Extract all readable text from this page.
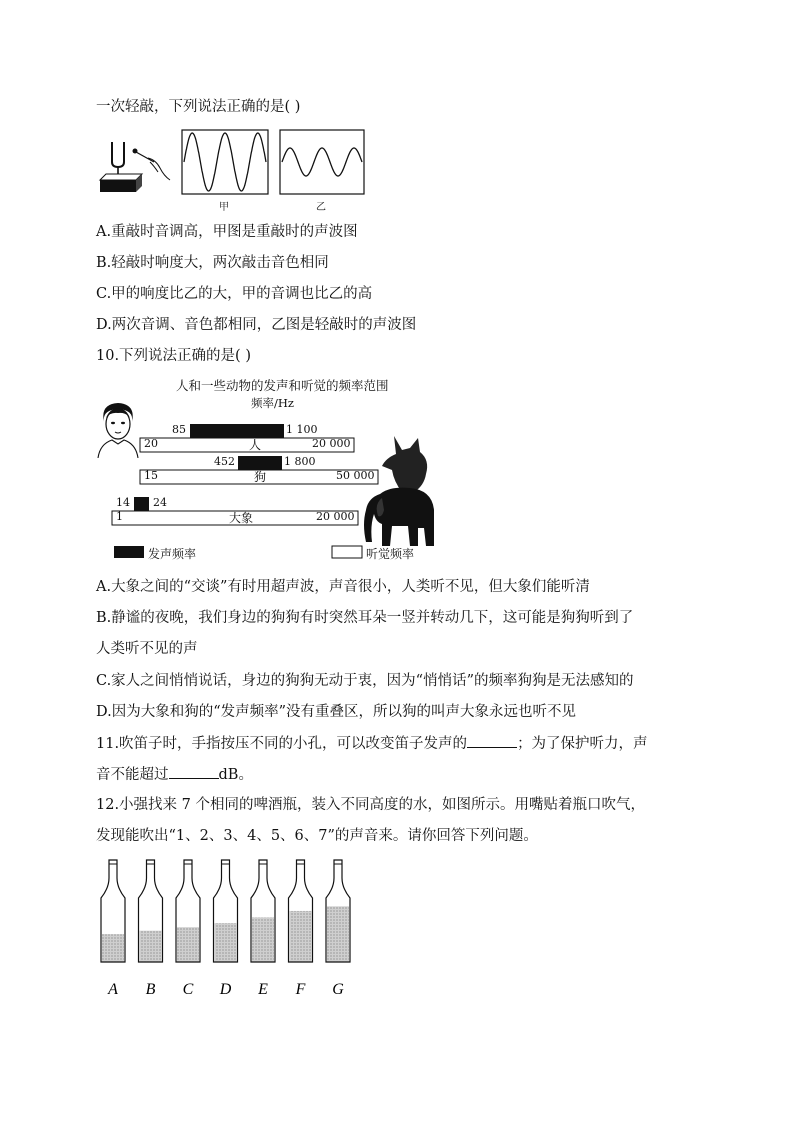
一次轻敲，下列说法正确的是( )
甲	乙
A.重敲时音调高，甲图是重敲时的声波图
B.轻敲时响度大，两次敲击音色相同
C.甲的响度比乙的大，甲的音调也比乙的高
D.两次音调、音色都相同，乙图是轻敲时的声波图
10.下列说法正确的是( )
人和一些动物的发声和听觉的频率范围
频率/Hz
85	1 100
20	人	20 000
452	1 800
15	狗	50 000
14 24
1	大象	20 000
发声频率	听觉频率
A.大象之间的“交谈”有时用超声波，声音很小，人类听不见，但大象们能听清
B.静谧的夜晚，我们身边的狗狗有时突然耳朵一竖并转动几下，这可能是狗狗听到了
人类听不见的声
C.家人之间悄悄说话，身边的狗狗无动于衷，因为“悄悄话”的频率狗狗是无法感知的
D.因为大象和狗的“发声频率”没有重叠区，所以狗的叫声大象永远也听不见
11.吹笛子时，手指按压不同的小孔，可以改变笛子发声的	；为了保护听力，声
音不能超过	dB。
12.小强找来 7 个相同的啤酒瓶，装入不同高度的水，如图所示。用嘴贴着瓶口吹气，
发现能吹出“1、2、3、4、5、6、7”的声音来。请你回答下列问题。
A B C D E F G
